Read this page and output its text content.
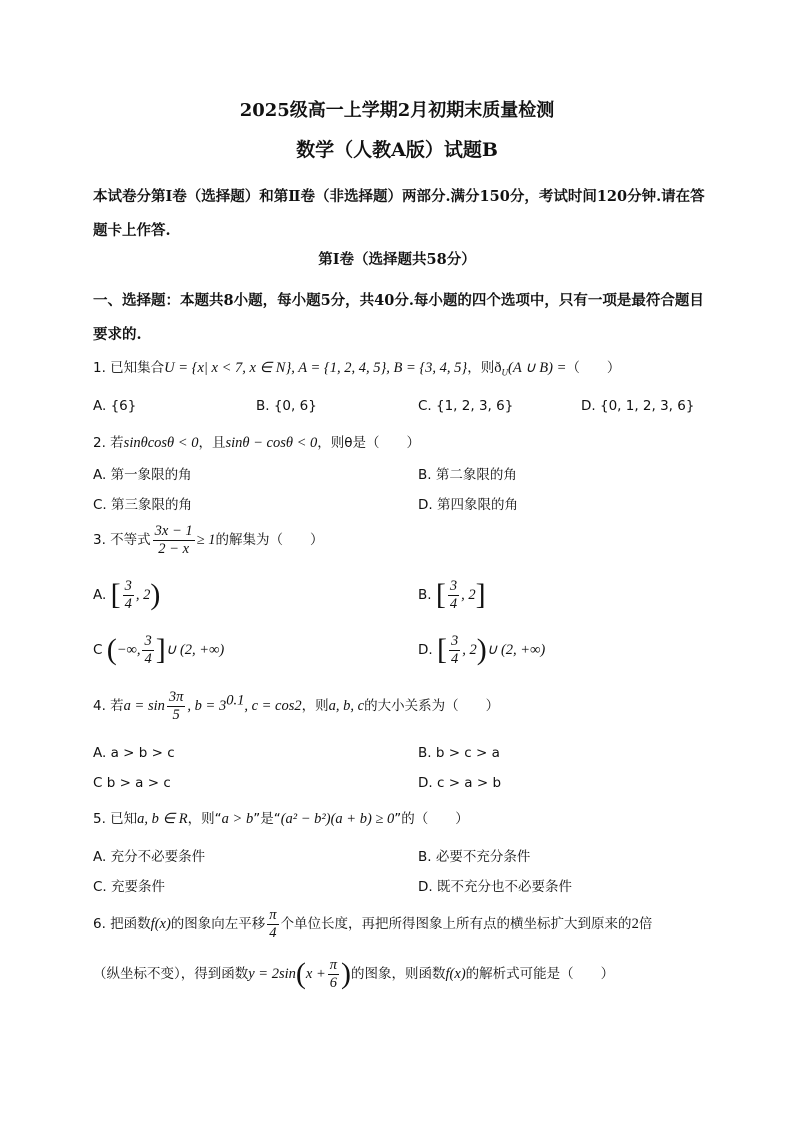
2025级高一上学期2月初期末质量检测
数学（人教A版）试题B
本试卷分第Ⅰ卷（选择题）和第Ⅱ卷（非选择题）两部分.满分150分，考试时间120分钟.请在答题卡上作答.
第Ⅰ卷（选择题共58分）
一、选择题：本题共8小题，每小题5分，共40分.每小题的四个选项中，只有一项是最符合题目要求的.
1. 已知集合U = {x| x < 7, x ∈ N}, A = {1, 2, 4, 5}, B = {3, 4, 5}，则$ð_U(A$ ∪ B) =（　　）
A. {6}	B. {0, 6}	C. {1, 2, 3, 6}	D. {0, 1, 2, 3, 6}
2. 若sinθcosθ < 0，且sinθ − cosθ < 0，则θ是（　　）
A. 第一象限的角	B. 第二象限的角
C. 第三象限的角	D. 第四象限的角
3. 不等式 $\frac{3x - 1}{2 - x} \ge 1$的解集为（　　）
A. [ $\frac{3}{4}$ , 2)	B. [ $\frac{3}{4}$ , 2]
C (−∞, $\frac{3}{4}$ ]∪ (2, +∞)	D. [ $\frac{3}{4}$ , 2)∪ (2, +∞)
4. 若$a = \sin \frac{3\pi}{5}$ , $b = 3^{0.1}$, c = cos2，则a, b, c的大小关系为（　　）
A. a > b > c	B. b > c > a
C b > a > c	D. c > a > b
5. 已知a, b ∈ R，则“a > b”是“(a² − b²)(a + b) ≥ 0”的（　　）
A. 充分不必要条件	B. 必要不充分条件
C. 充要条件	D. 既不充分也不必要条件
6. 把函数f(x)的图象向左平移 $\frac{\pi}{4}$ 个单位长度，再把所得图象上所有点的横坐标扩大到原来的2倍
（纵坐标不变），得到函数$y = 2\sin(x + \frac{\pi}{6}$ )的图象，则函数f(x)的解析式可能是（　　）
